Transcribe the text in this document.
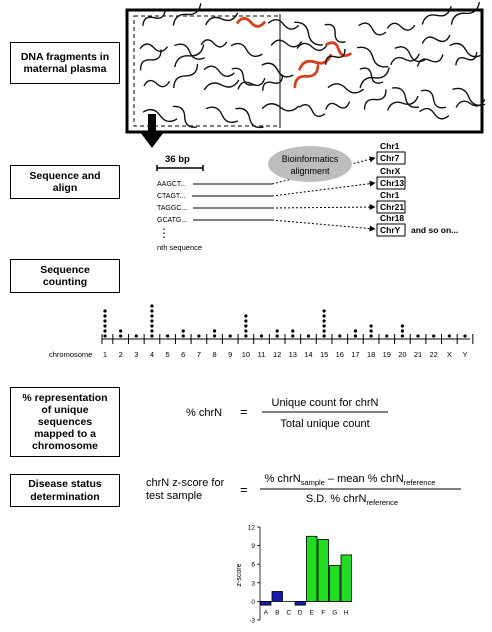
DNA fragments in
maternal plasma
Sequence and
align
Sequence
counting
% representation
of unique
sequences
mapped to a
chromosome
Disease status
determination
36 bp
AAGCT...
CTAGT...
TAGGC...
GCATG...
⋮
nth sequence
Bioinformatics
alignment
Chr1
Chr7
ChrX
Chr13
Chr1
Chr21
Chr18
ChrY and so on...
1 2 3 4 5 6 7 8 9 10 11 12 13 14 15 16 17 18 19 20 21 22 X Y
chromosome
% chrN =
Unique count for chrN
Total unique count
chrN z-score for
test sample	=
% chrN$_{sample}$ – mean % chrN$_{reference}$
S.D. % chrN$_{reference}$
12
9
6
3
0
-3
A B C D E F G H
z-score
